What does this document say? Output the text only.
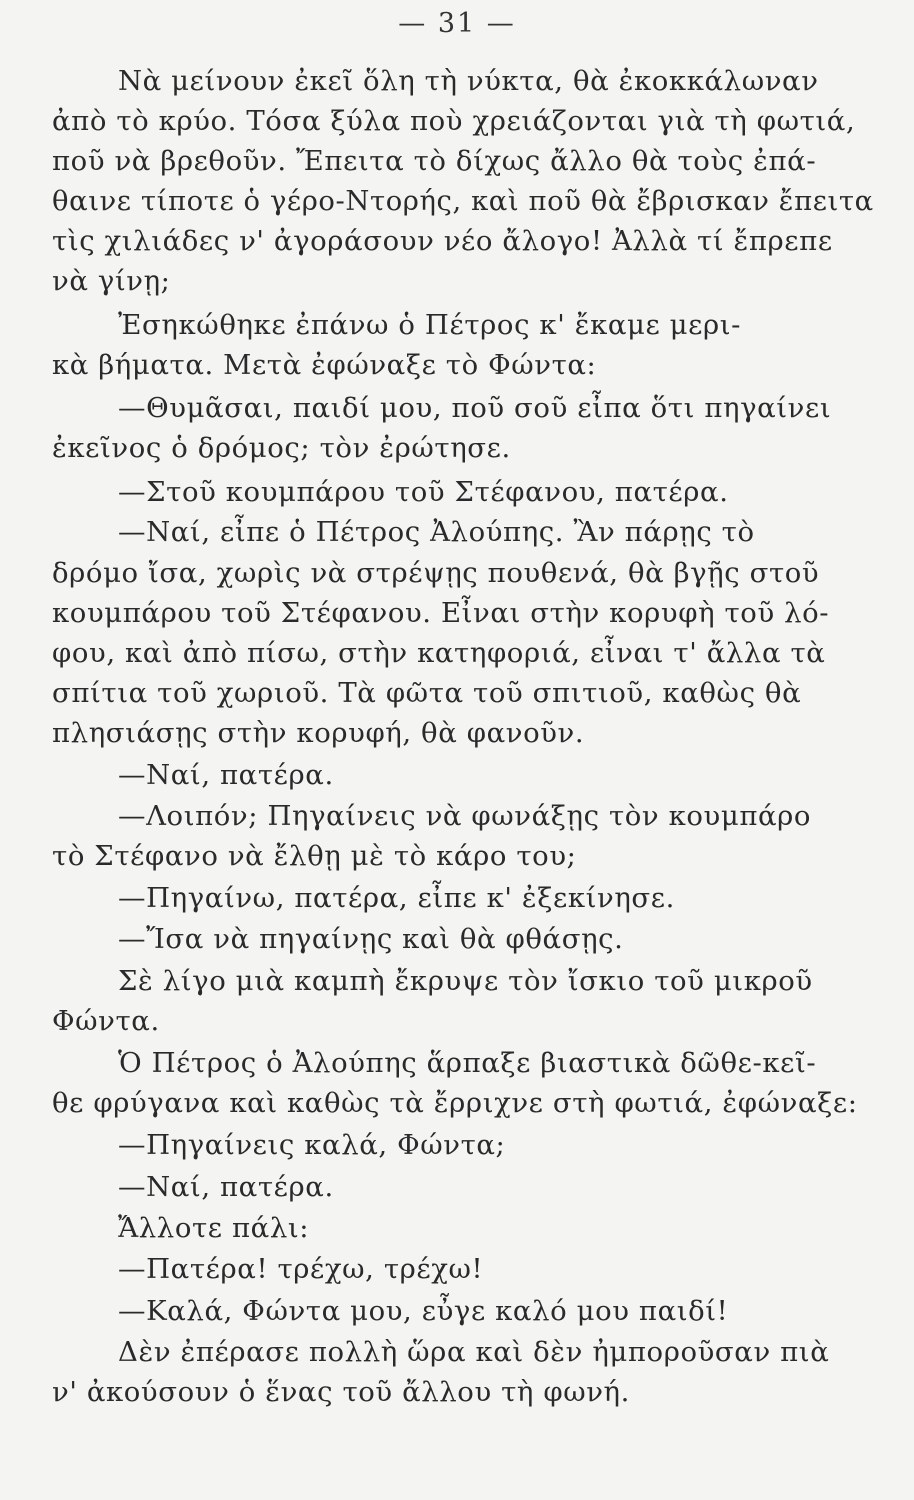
— 31 —
Νὰ μείνουν ἐκεῖ ὅλη τὴ νύκτα, θὰ ἐκοκκάλωναν
ἀπὸ τὸ κρύο. Τόσα ξύλα ποὺ χρειάζονται γιὰ τὴ φωτιά,
ποῦ νὰ βρεθοῦν. Ἔπειτα τὸ δίχως ἄλλο θὰ τοὺς ἐπά-
θαινε τίποτε ὁ γέρο-Ντορής, καὶ ποῦ θὰ ἔβρισκαν ἔπειτα
τὶς χιλιάδες ν' ἀγοράσουν νέο ἄλογο! Ἀλλὰ τί ἔπρεπε
νὰ γίνῃ;
Ἐσηκώθηκε ἐπάνω ὁ Πέτρος κ' ἔκαμε μερι-
κὰ βήματα. Μετὰ ἐφώναξε τὸ Φώντα:
—Θυμᾶσαι, παιδί μου, ποῦ σοῦ εἶπα ὅτι πηγαίνει
ἐκεῖνος ὁ δρόμος; τὸν ἐρώτησε.
—Στοῦ κουμπάρου τοῦ Στέφανου, πατέρα.
—Ναί, εἶπε ὁ Πέτρος Ἀλούπης. Ἂν πάρῃς τὸ
δρόμο ἴσα, χωρὶς νὰ στρέψῃς πουθενά, θὰ βγῇς στοῦ
κουμπάρου τοῦ Στέφανου. Εἶναι στὴν κορυφὴ τοῦ λό-
φου, καὶ ἀπὸ πίσω, στὴν κατηφοριά, εἶναι τ' ἄλλα τὰ
σπίτια τοῦ χωριοῦ. Τὰ φῶτα τοῦ σπιτιοῦ, καθὼς θὰ
πλησιάσῃς στὴν κορυφή, θὰ φανοῦν.
—Ναί, πατέρα.
—Λοιπόν; Πηγαίνεις νὰ φωνάξῃς τὸν κουμπάρο
τὸ Στέφανο νὰ ἔλθῃ μὲ τὸ κάρο του;
—Πηγαίνω, πατέρα, εἶπε κ' ἐξεκίνησε.
—Ἴσα νὰ πηγαίνῃς καὶ θὰ φθάσῃς.
Σὲ λίγο μιὰ καμπὴ ἔκρυψε τὸν ἴσκιο τοῦ μικροῦ
Φώντα.
Ὁ Πέτρος ὁ Ἀλούπης ἅρπαξε βιαστικὰ δῶθε-κεῖ-
θε φρύγανα καὶ καθὼς τὰ ἔρριχνε στὴ φωτιά, ἐφώναξε:
—Πηγαίνεις καλά, Φώντα;
—Ναί, πατέρα.
Ἄλλοτε πάλι:
—Πατέρα! τρέχω, τρέχω!
—Καλά, Φώντα μου, εὖγε καλό μου παιδί!
Δὲν ἐπέρασε πολλὴ ὥρα καὶ δὲν ἠμποροῦσαν πιὰ
ν' ἀκούσουν ὁ ἕνας τοῦ ἄλλου τὴ φωνή.
